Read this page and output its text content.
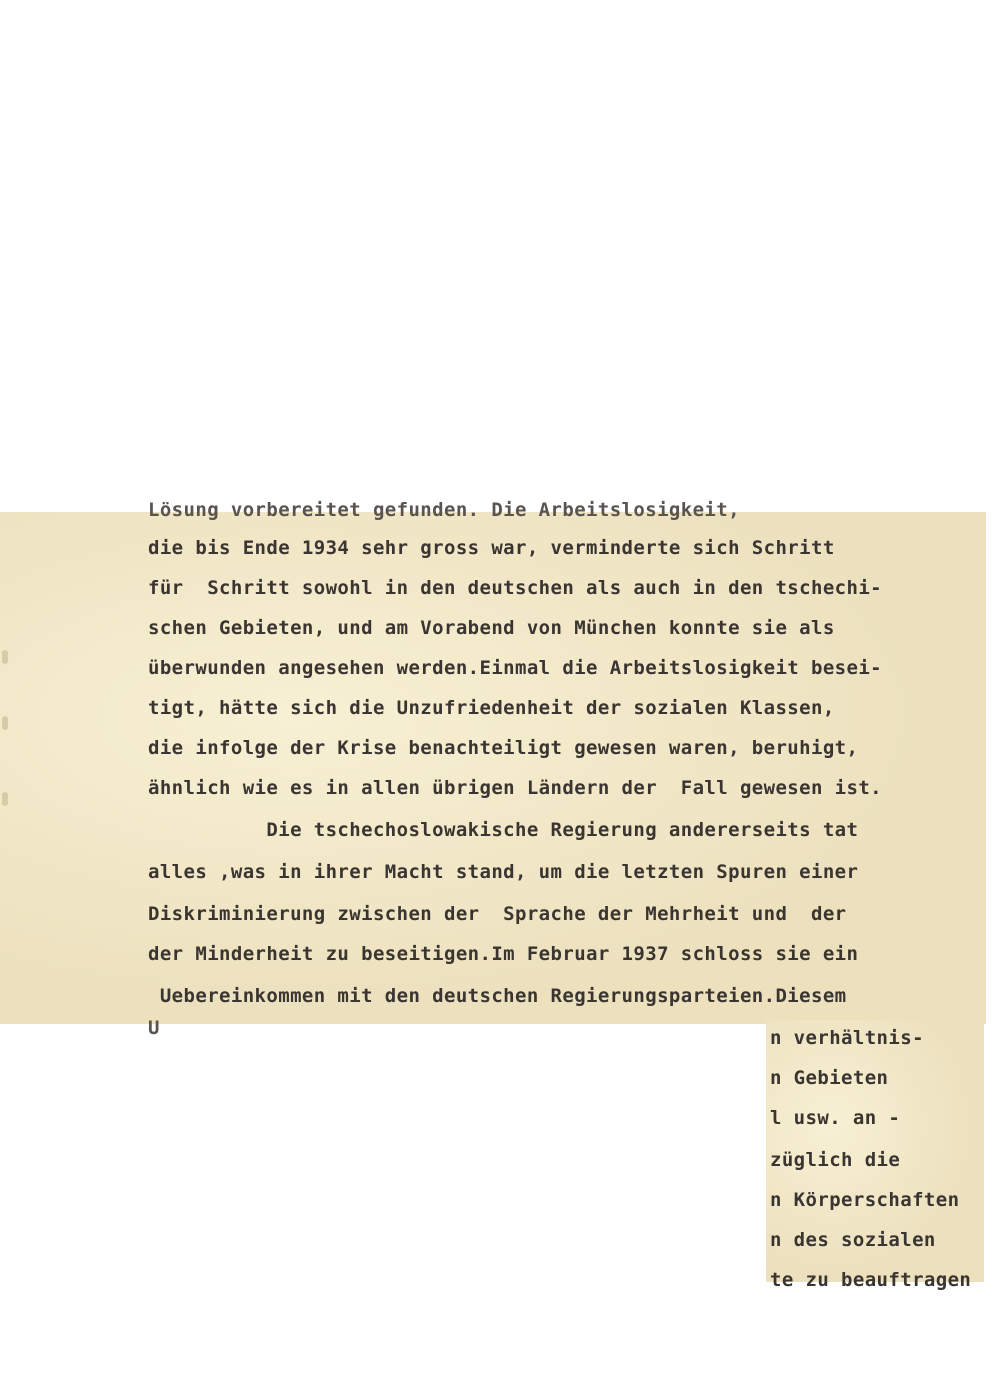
Lösung vorbereitet gefunden. Die Arbeitslosigkeit,

die bis Ende 1934 sehr gross war, verminderte sich Schritt

für  Schritt sowohl in den deutschen als auch in den tschechi-

schen Gebieten, und am Vorabend von München konnte sie als

überwunden angesehen werden.Einmal die Arbeitslosigkeit besei-

tigt, hätte sich die Unzufriedenheit der sozialen Klassen,

die infolge der Krise benachteiligt gewesen waren, beruhigt,

ähnlich wie es in allen übrigen Ländern der  Fall gewesen ist.

Die tschechoslowakische Regierung andererseits tat

alles ,was in ihrer Macht stand, um die letzten Spuren einer

Diskriminierung zwischen der  Sprache der Mehrheit und  der

der Minderheit zu beseitigen.Im Februar 1937 schloss sie ein

Uebereinkommen mit den deutschen Regierungsparteien.Diesem

U	n verhältnis-

n Gebieten

l usw. an -

züglich die

n Körperschaften

n des sozialen

te zu beauftragen
